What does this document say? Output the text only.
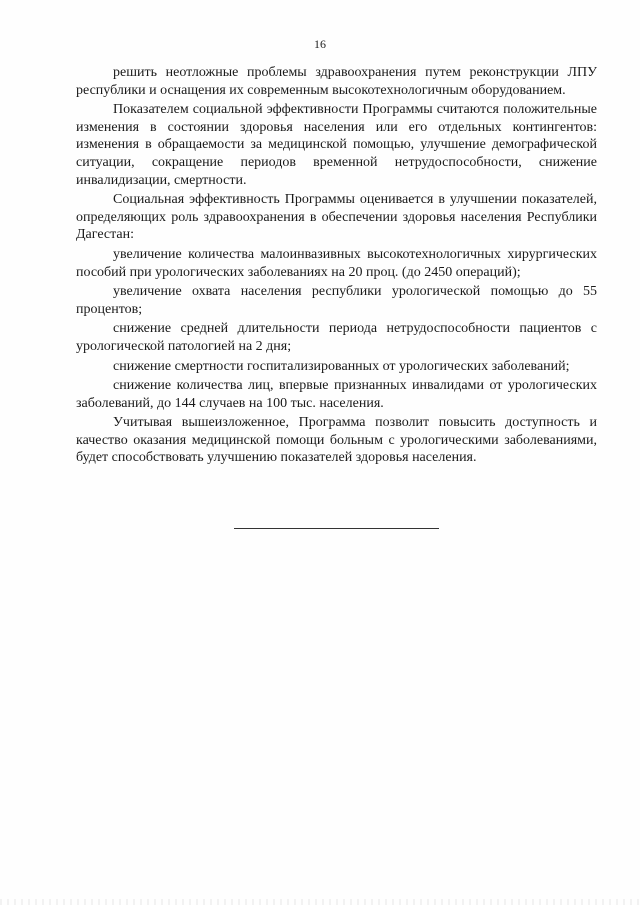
16

решить неотложные проблемы здравоохранения путем реконструкции ЛПУ республики и оснащения их современным высокотехнологичным оборудованием.

Показателем социальной эффективности Программы считаются положительные изменения в состоянии здоровья населения или его отдельных контингентов: изменения в обращаемости за медицинской помощью, улучшение демографической ситуации, сокращение периодов временной нетрудоспособности, снижение инвалидизации, смертности.

Социальная эффективность Программы оценивается в улучшении показателей, определяющих роль здравоохранения в обеспечении здоровья населения Республики Дагестан:

увеличение количества малоинвазивных высокотехнологичных хирургических пособий при урологических заболеваниях на 20 проц. (до 2450 операций);

увеличение охвата населения республики урологической помощью до 55 процентов;

снижение средней длительности периода нетрудоспособности пациентов с урологической патологией на 2 дня;

снижение смертности госпитализированных от урологических заболеваний;

снижение количества лиц, впервые признанных инвалидами от урологических заболеваний, до 144 случаев на 100 тыс. населения.

Учитывая вышеизложенное, Программа позволит повысить доступность и качество оказания медицинской помощи больным с урологическими заболеваниями, будет способствовать улучшению показателей здоровья населения.
